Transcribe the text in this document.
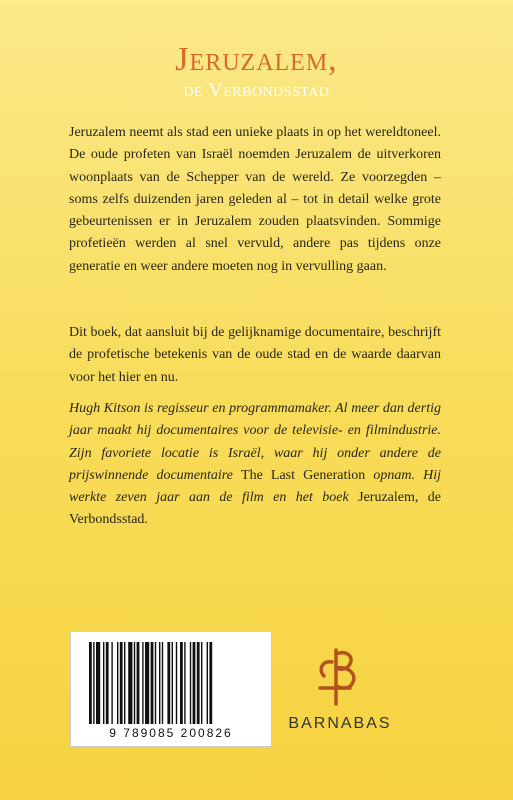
Jeruzalem,
de Verbondsstad
Jeruzalem neemt als stad een unieke plaats in op het wereldtoneel. De oude profeten van Israël noemden Jeruzalem de uitverkoren woonplaats van de Schepper van de wereld. Ze voorzegden – soms zelfs duizenden jaren geleden al – tot in detail welke grote gebeurtenissen er in Jeruzalem zouden plaatsvinden. Sommige profetieën werden al snel vervuld, andere pas tijdens onze generatie en weer andere moeten nog in vervulling gaan.
Dit boek, dat aansluit bij de gelijknamige documentaire, beschrijft de profetische betekenis van de oude stad en de waarde daarvan voor het hier en nu.
Hugh Kitson is regisseur en programmamaker. Al meer dan dertig jaar maakt hij documentaires voor de televisie- en filmindustrie. Zijn favoriete locatie is Israël, waar hij onder andere de prijswinnende documentaire The Last Generation opnam. Hij werkte zeven jaar aan de film en het boek Jeruzalem, de Verbondsstad.
9 789085 200826
BARNABAS
